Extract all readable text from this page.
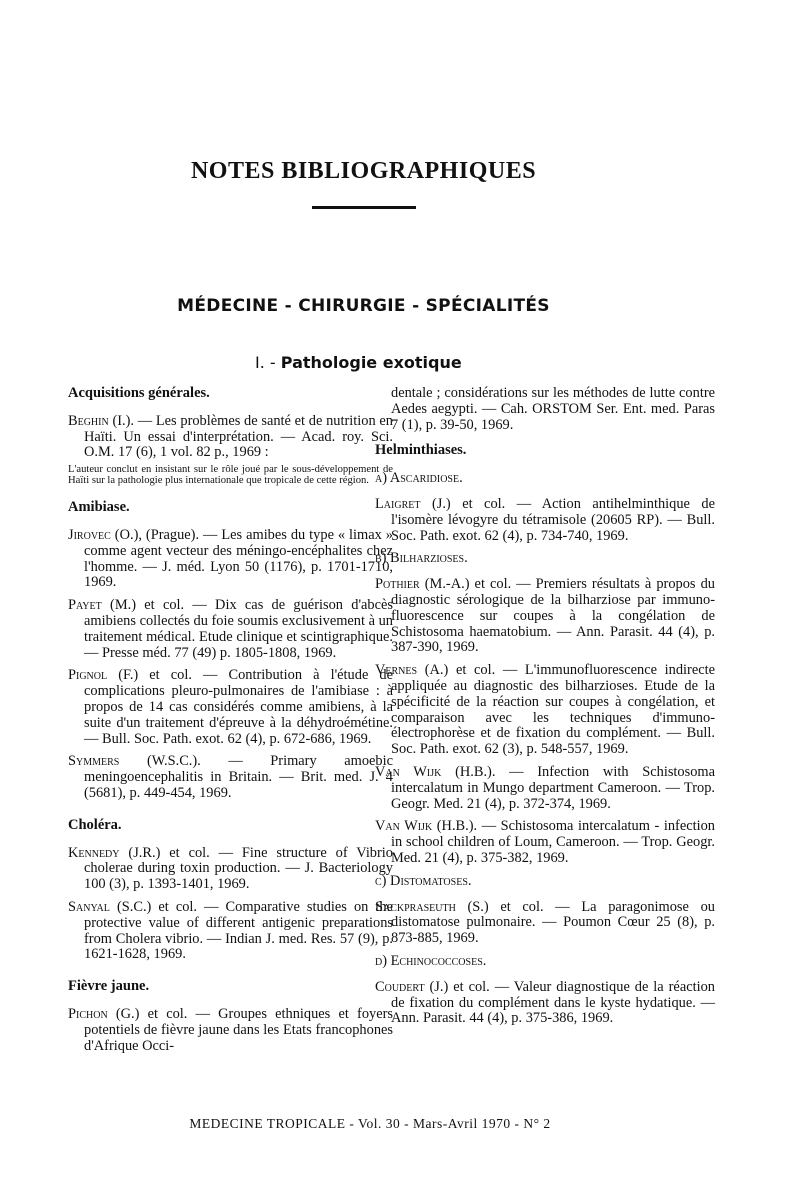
NOTES BIBLIOGRAPHIQUES
MÉDECINE - CHIRURGIE - SPÉCIALITÉS
I. - Pathologie exotique
Acquisitions générales.
Beghin (I.). — Les problèmes de santé et de nutrition en Haïti. Un essai d'interprétation. — Acad. roy. Sci. O.M. 17 (6), 1 vol. 82 p., 1969 :
L'auteur conclut en insistant sur le rôle joué par le sous-développement de Haïti sur la pathologie plus internationale que tropicale de cette région.
Amibiase.
Jirovec (O.), (Prague). — Les amibes du type « limax » comme agent vecteur des méningo-encéphalites chez l'homme. — J. méd. Lyon 50 (1176), p. 1701-1710, 1969.
Payet (M.) et col. — Dix cas de guérison d'abcès amibiens collectés du foie soumis exclusivement à un traitement médical. Etude clinique et scintigraphique. — Presse méd. 77 (49) p. 1805-1808, 1969.
Pignol (F.) et col. — Contribution à l'étude de complications pleuro-pulmonaires de l'amibiase : à propos de 14 cas considérés comme amibiens, à la suite d'un traitement d'épreuve à la déhydroémétine. — Bull. Soc. Path. exot. 62 (4), p. 672-686, 1969.
Symmers (W.S.C.). — Primary amoebic meningoencephalitis in Britain. — Brit. med. J. 4 (5681), p. 449-454, 1969.
Choléra.
Kennedy (J.R.) et col. — Fine structure of Vibrio cholerae during toxin production. — J. Bacteriology 100 (3), p. 1393-1401, 1969.
Sanyal (S.C.) et col. — Comparative studies on the protective value of different antigenic preparations from Cholera vibrio. — Indian J. med. Res. 57 (9), p. 1621-1628, 1969.
Fièvre jaune.
Pichon (G.) et col. — Groupes ethniques et foyers potentiels de fièvre jaune dans les Etats francophones d'Afrique Occi-
dentale ; considérations sur les méthodes de lutte contre Aedes aegypti. — Cah. ORSTOM Ser. Ent. med. Paras 7 (1), p. 39-50, 1969.
Helminthiases.
a) Ascaridiose.
Laigret (J.) et col. — Action antihelminthique de l'isomère lévogyre du tétramisole (20605 RP). — Bull. Soc. Path. exot. 62 (4), p. 734-740, 1969.
b) Bilharzioses.
Pothier (M.-A.) et col. — Premiers résultats à propos du diagnostic sérologique de la bilharziose par immuno-fluorescence sur coupes à la congélation de Schistosoma haematobium. — Ann. Parasit. 44 (4), p. 387-390, 1969.
Vernes (A.) et col. — L'immunofluorescence indirecte appliquée au diagnostic des bilharzioses. Etude de la spécificité de la réaction sur coupes à congélation, et comparaison avec les techniques d'immuno-électrophorèse et de fixation du complément. — Bull. Soc. Path. exot. 62 (3), p. 548-557, 1969.
Van Wijk (H.B.). — Infection with Schistosoma intercalatum in Mungo department Cameroon. — Trop. Geogr. Med. 21 (4), p. 372-374, 1969.
Van Wijk (H.B.). — Schistosoma intercalatum - infection in school children of Loum, Cameroon. — Trop. Geogr. Med. 21 (4), p. 375-382, 1969.
c) Distomatoses.
Sackpraseuth (S.) et col. — La paragonimose ou distomatose pulmonaire. — Poumon Cœur 25 (8), p. 873-885, 1969.
d) Echinococcoses.
Coudert (J.) et col. — Valeur diagnostique de la réaction de fixation du complément dans le kyste hydatique. — Ann. Parasit. 44 (4), p. 375-386, 1969.
MEDECINE TROPICALE - Vol. 30 - Mars-Avril 1970 - N° 2
